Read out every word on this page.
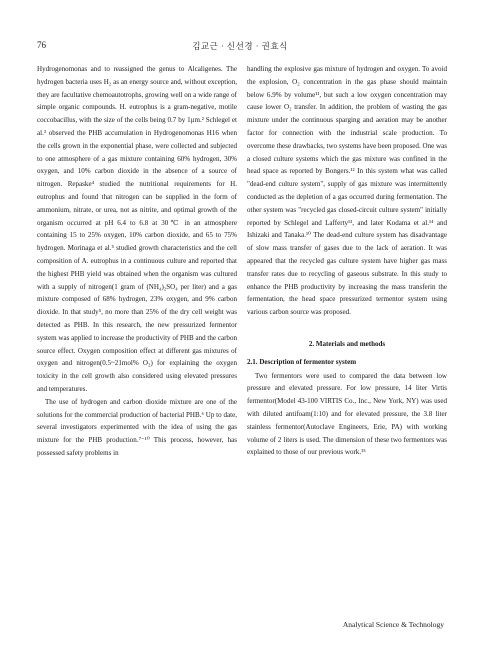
76	김교근 · 신선경 · 권효식

Hydrogenomonas and to reassigned the genus to Alcaligenes. The hydrogen bacteria uses H₂ as an energy source and, without exception, they are facultative chemoautotrophs, growing well on a wide range of simple organic compounds. H. eutrophus is a gram-negative, motile coccobacillus, with the size of the cells being 0.7 by 1μm.² Schlegel et al.³ observed the PHB accumulation in Hydrogenomonas H16 when the cells grown in the exponential phase, were collected and subjected to one atmosphere of a gas mixture containing 60% hydrogen, 30% oxygen, and 10% carbon dioxide in the absence of a source of nitrogen. Repaske⁴ studied the nutritional requirements for H. eutrophus and found that nitrogen can be supplied in the form of ammonium, nitrate, or urea, not as nitrite, and optimal growth of the organism occurred at pH 6.4 to 6.8 at 30℃ in an atmosphere containing 15 to 25% oxygen, 10% carbon dioxide, and 65 to 75% hydrogen. Morinaga et al.⁵ studied growth characteristics and the cell composition of A. eutrophus in a continuous culture and reported that the highest PHB yield was obtained when the organism was cultured with a supply of nitrogen(1 gram of (NH₄)₂SO₄ per liter) and a gas mixture composed of 68% hydrogen, 23% oxygen, and 9% carbon dioxide. In that study⁵, no more than 25% of the dry cell weight was detected as PHB. In this research, the new pressurized fermentor system was applied to increase the productivity of PHB and the carbon source effect. Oxygen composition effect at different gas mixtures of oxygen and nitrogen(0.5~21mol% O₂) for explaining the oxygen toxicity in the cell growth also considered using elevated pressures and temperatures.

The use of hydrogen and carbon dioxide mixture are one of the solutions for the commercial production of bacterial PHB.⁶ Up to date, several investigators experimented with the idea of using the gas mixture for the PHB production.⁷⁻¹⁰ This process, however, has possessed safety problems in

handling the explosive gas mixture of hydrogen and oxygen. To avoid the explosion, O₂ concentration in the gas phase should maintain below 6.9% by volume¹¹, but such a low oxygen concentration may cause lower O₂ transfer. In addition, the problem of wasting the gas mixture under the continuous sparging and aeration may be another factor for connection with the industrial scale production. To overcome these drawbacks, two systems have been proposed. One was a closed culture systems which the gas mixture was confined in the head space as reported by Bongers.¹² In this system what was called "dead-end culture system", supply of gas mixture was intermittently conducted as the depletion of a gas occurred during fermentation. The other system was "recycled gas closed-circuit culture system" initially reported by Schlegel and Lafferty¹³, and later Kodama et al.¹⁴ and Ishizaki and Tanaka.¹⁰ The dead-end culture system has disadvantage of slow mass transfer of gases due to the lack of aeration. It was appeared that the recycled gas culture system have higher gas mass transfer rates due to recycling of gaseous substrate. In this study to enhance the PHB productivity by increasing the mass transferin the fermentation, the head space pressurized termentor system using various carbon source was proposed.

2. Materials and methods

2.1. Description of fermentor system

Two fermentors were used to compared the data between low pressure and elevated pressure. For low pressure, 14 liter Virtis fermentor(Model 43-100 VIRTIS Co., Inc., New York, NY) was used with diluted antifoam(1:10) and for elevated pressure, the 3.8 liter stainless fermentor(Autoclave Engineers, Erie, PA) with working volume of 2 liters is used. The dimension of these two fermentors was explained to those of our previous work.¹⁵

Analytical Science & Technology
